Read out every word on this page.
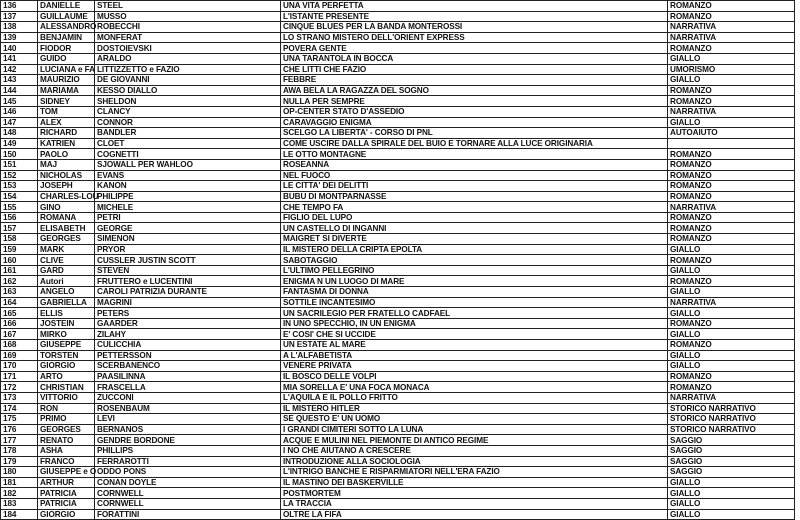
136	DANIELLE	STEEL	UNA VITA PERFETTA	ROMANZO
137	GUILLAUME	MUSSO	L'ISTANTE PRESENTE	ROMANZO
138	ALESSANDRO	ROBECCHI	CINQUE BLUES PER LA BANDA MONTEROSSI	NARRATIVA
139	BENJAMIN	MONFERAT	LO STRANO MISTERO DELL'ORIENT EXPRESS	NARRATIVA
140	FIODOR	DOSTOIEVSKI	POVERA GENTE	ROMANZO
141	GUIDO	ARALDO	UNA TARANTOLA IN BOCCA	GIALLO
142	LUCIANA e FA	LITTIZZETTO e FAZIO	CHE LITTI CHE FAZIO	UMORISMO
143	MAURIZIO	DE GIOVANNI	FEBBRE	GIALLO
144	MARIAMA	KESSO DIALLO	AWA BELA LA RAGAZZA DEL SOGNO	ROMANZO
145	SIDNEY	SHELDON	NULLA PER SEMPRE	ROMANZO
146	TOM	CLANCY	OP-CENTER STATO D'ASSEDIO	NARRATIVA
147	ALEX	CONNOR	CARAVAGGIO ENIGMA	GIALLO
148	RICHARD	BANDLER	SCELGO LA LIBERTA' - CORSO DI PNL	AUTOAIUTO
149	KATRIEN	CLOET	COME USCIRE DALLA SPIRALE DEL BUIO E TORNARE ALLA LUCE ORIGINARIA	
150	PAOLO	COGNETTI	LE OTTO MONTAGNE	ROMANZO
151	MAJ	SJOWALL PER WAHLOO	ROSEANNA	ROMANZO
152	NICHOLAS	EVANS	NEL FUOCO	ROMANZO
153	JOSEPH	KANON	LE CITTA' DEI DELITTI	ROMANZO
154	CHARLES-LOU	PHILIPPE	BUBU DI MONTPARNASSE	ROMANZO
155	GINO	MICHELE	CHE TEMPO FA	NARRATIVA
156	ROMANA	PETRI	FIGLIO DEL LUPO	ROMANZO
157	ELISABETH	GEORGE	UN CASTELLO DI INGANNI	ROMANZO
158	GEORGES	SIMENON	MAIGRET SI DIVERTE	ROMANZO
159	MARK	PRYOR	IL MISTERO DELLA CRIPTA EPOLTA	GIALLO
160	CLIVE	CUSSLER JUSTIN SCOTT	SABOTAGGIO	ROMANZO
161	GARD	STEVEN	L'ULTIMO PELLEGRINO	GIALLO
162	Autori	FRUTTERO e LUCENTINI	ENIGMA N UN LUOGO DI MARE	ROMANZO
163	ANGELO	CAROLI PATRIZIA DURANTE	FANTASMA DI DONNA	GIALLO
164	GABRIELLA	MAGRINI	SOTTILE INCANTESIMO	NARRATIVA
165	ELLIS	PETERS	UN SACRILEGIO PER FRATELLO CADFAEL	GIALLO
166	JOSTEIN	GAARDER	IN UNO SPECCHIO, IN UN ENIGMA	ROMANZO
167	MIRKO	ZILAHY	E' COSI' CHE SI UCCIDE	GIALLO
168	GIUSEPPE	CULICCHIA	UN ESTATE AL MARE	ROMANZO
169	TORSTEN	PETTERSSON	A L'ALFABETISTA	GIALLO
170	GIORGIO	SCERBANENCO	VENERE PRIVATA	GIALLO
171	ARTO	PAASILINNA	IL BOSCO DELLE VOLPI	ROMANZO
172	CHRISTIAN	FRASCELLA	MIA SORELLA E' UNA FOCA MONACA	ROMANZO
173	VITTORIO	ZUCCONI	L'AQUILA E IL POLLO FRITTO	NARRATIVA
174	RON	ROSENBAUM	IL MISTERO HITLER	STORICO NARRATIVO
175	PRIMO	LEVI	SE QUESTO E' UN UOMO	STORICO NARRATIVO
176	GEORGES	BERNANOS	I GRANDI CIMITERI SOTTO LA LUNA	STORICO NARRATIVO
177	RENATO	GENDRE BORDONE	ACQUE E MULINI NEL PIEMONTE DI ANTICO REGIME	SAGGIO
178	ASHA	PHILLIPS	I NO CHE AIUTANO A CRESCERE	SAGGIO
179	FRANCO	FERRAROTTI	INTRODUZIONE ALLA SOCIOLOGIA	SAGGIO
180	GIUSEPPE e O	ODDO PONS	L'INTRIGO BANCHE E RISPARMIATORI NELL'ERA FAZIO	SAGGIO
181	ARTHUR	CONAN DOYLE	IL MASTINO DEI BASKERVILLE	GIALLO
182	PATRICIA	CORNWELL	POSTMORTEM	GIALLO
183	PATRICIA	CORNWELL	LA TRACCIA	GIALLO
184	GIORGIO	FORATTINI	OLTRE LA FIFA	GIALLO
